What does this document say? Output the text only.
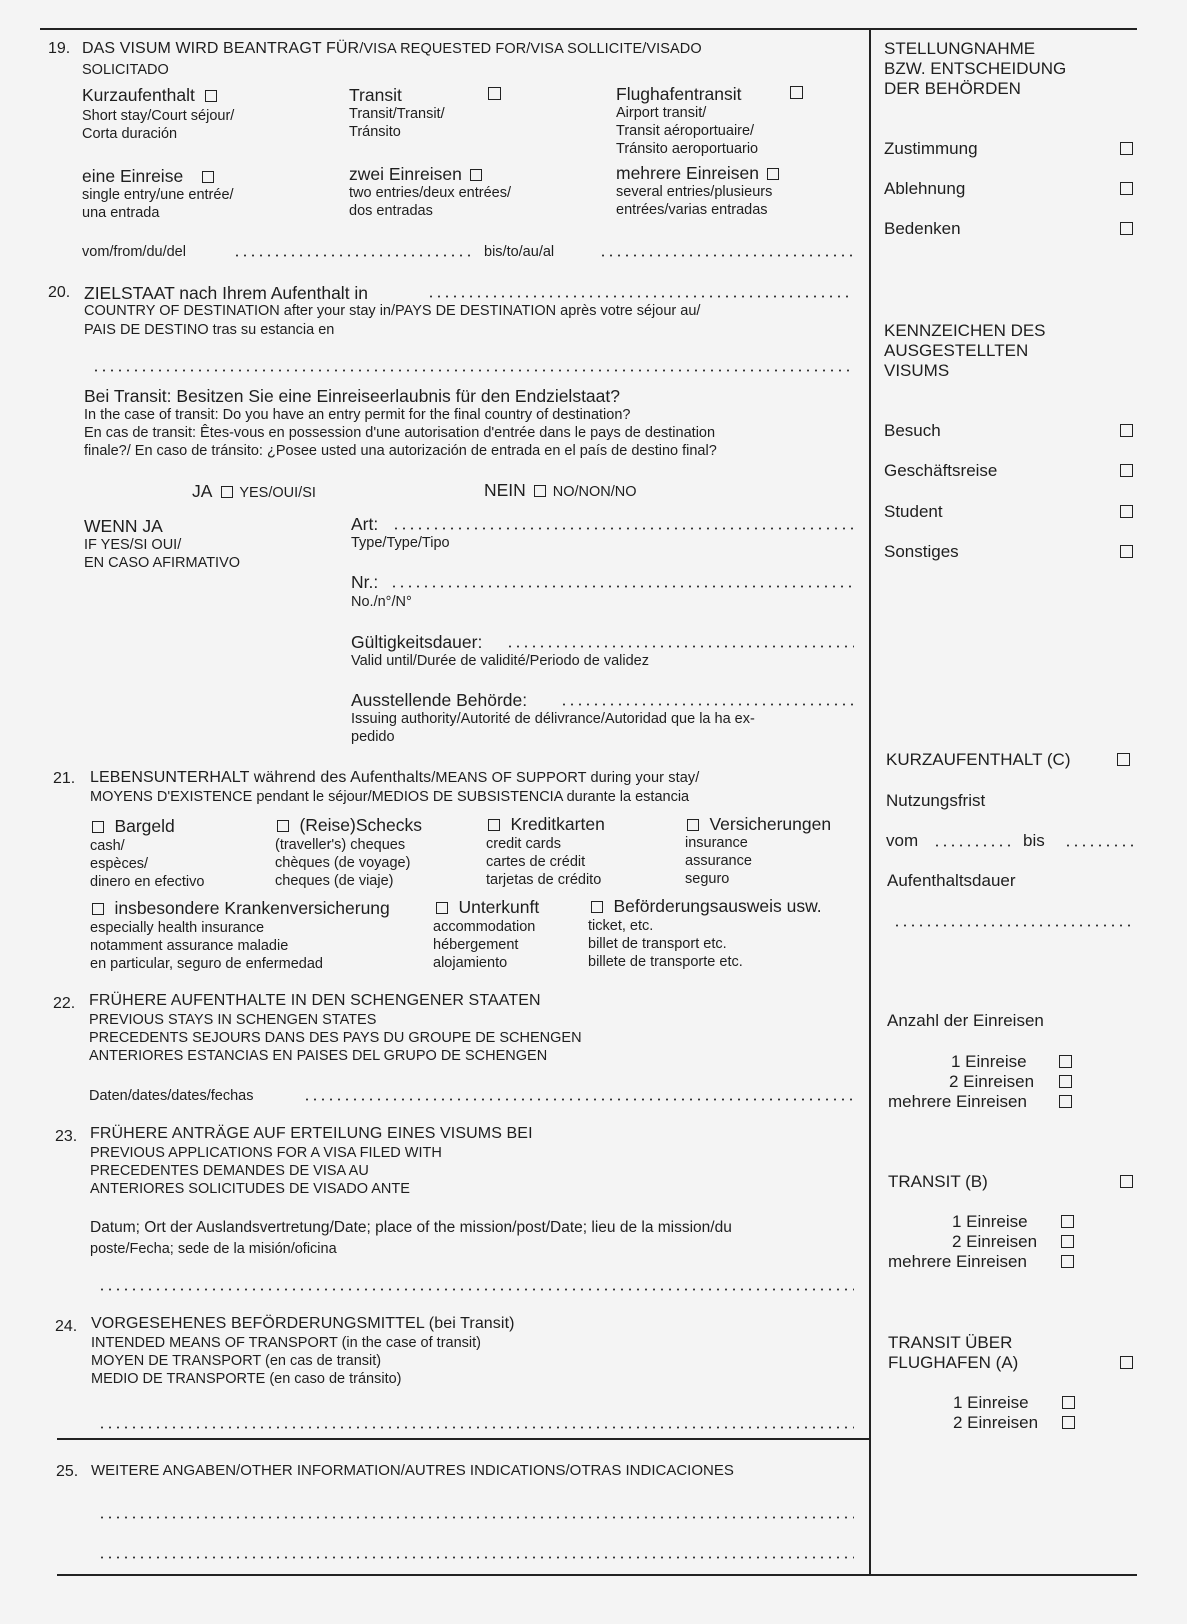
19. DAS VISUM WIRD BEANTRAGT FÜR/VISA REQUESTED FOR/VISA SOLLICITE/VISADO
SOLICITADO
Kurzaufenthalt
Short stay/Court séjour/
Corta duración
Transit
Transit/Transit/
Tránsito
Flughafentransit
Airport transit/
Transit aéroportuaire/
Tránsito aeroportuario
eine Einreise
single entry/une entrée/
una entrada
zwei Einreisen
two entries/deux entrées/
dos entradas
mehrere Einreisen
several entries/plusieurs
entrées/varias entradas
vom/from/du/del	bis/to/au/al
20. ZIELSTAAT nach Ihrem Aufenthalt in
COUNTRY OF DESTINATION after your stay in/PAYS DE DESTINATION après votre séjour au/
PAIS DE DESTINO tras su estancia en
Bei Transit: Besitzen Sie eine Einreiseerlaubnis für den Endzielstaat?
In the case of transit: Do you have an entry permit for the final country of destination?
En cas de transit: Êtes-vous en possession d'une autorisation d'entrée dans le pays de destination
finale?/ En caso de tránsito: ¿Posee usted una autorización de entrada en el país de destino final?
JA YES/OUI/SI	NEIN NO/NON/NO
WENN JA
IF YES/SI OUI/
EN CASO AFIRMATIVO
Art:
Type/Type/Tipo
Nr.:
No./n°/N°
Gültigkeitsdauer:
Valid until/Durée de validité/Periodo de validez
Ausstellende Behörde:
Issuing authority/Autorité de délivrance/Autoridad que la ha ex-
pedido
21. LEBENSUNTERHALT während des Aufenthalts/MEANS OF SUPPORT during your stay/
MOYENS D'EXISTENCE pendant le séjour/MEDIOS DE SUBSISTENCIA durante la estancia
Bargeld
cash/
espèces/
dinero en efectivo
(Reise)Schecks
(traveller's) cheques
chèques (de voyage)
cheques (de viaje)
Kreditkarten
credit cards
cartes de crédit
tarjetas de crédito
Versicherungen
insurance
assurance
seguro
insbesondere Krankenversicherung
especially health insurance
notamment assurance maladie
en particular, seguro de enfermedad
Unterkunft
accommodation
hébergement
alojamiento
Beförderungsausweis usw.
ticket, etc.
billet de transport etc.
billete de transporte etc.
22. FRÜHERE AUFENTHALTE IN DEN SCHENGENER STAATEN
PREVIOUS STAYS IN SCHENGEN STATES
PRECEDENTS SEJOURS DANS DES PAYS DU GROUPE DE SCHENGEN
ANTERIORES ESTANCIAS EN PAISES DEL GRUPO DE SCHENGEN
Daten/dates/dates/fechas
23. FRÜHERE ANTRÄGE AUF ERTEILUNG EINES VISUMS BEI
PREVIOUS APPLICATIONS FOR A VISA FILED WITH
PRECEDENTES DEMANDES DE VISA AU
ANTERIORES SOLICITUDES DE VISADO ANTE
Datum; Ort der Auslandsvertretung/Date; place of the mission/post/Date; lieu de la mission/du
poste/Fecha; sede de la misión/oficina
24. VORGESEHENES BEFÖRDERUNGSMITTEL (bei Transit)
INTENDED MEANS OF TRANSPORT (in the case of transit)
MOYEN DE TRANSPORT (en cas de transit)
MEDIO DE TRANSPORTE (en caso de tránsito)
25. WEITERE ANGABEN/OTHER INFORMATION/AUTRES INDICATIONS/OTRAS INDICACIONES
STELLUNGNAHME
BZW. ENTSCHEIDUNG
DER BEHÖRDEN
Zustimmung
Ablehnung
Bedenken
KENNZEICHEN DES
AUSGESTELLTEN
VISUMS
Besuch
Geschäftsreise
Student
Sonstiges
KURZAUFENTHALT (C)
Nutzungsfrist
vom	bis
Aufenthaltsdauer
Anzahl der Einreisen
1 Einreise
2 Einreisen
mehrere Einreisen
TRANSIT (B)
1 Einreise
2 Einreisen
mehrere Einreisen
TRANSIT ÜBER
FLUGHAFEN (A)
1 Einreise
2 Einreisen
